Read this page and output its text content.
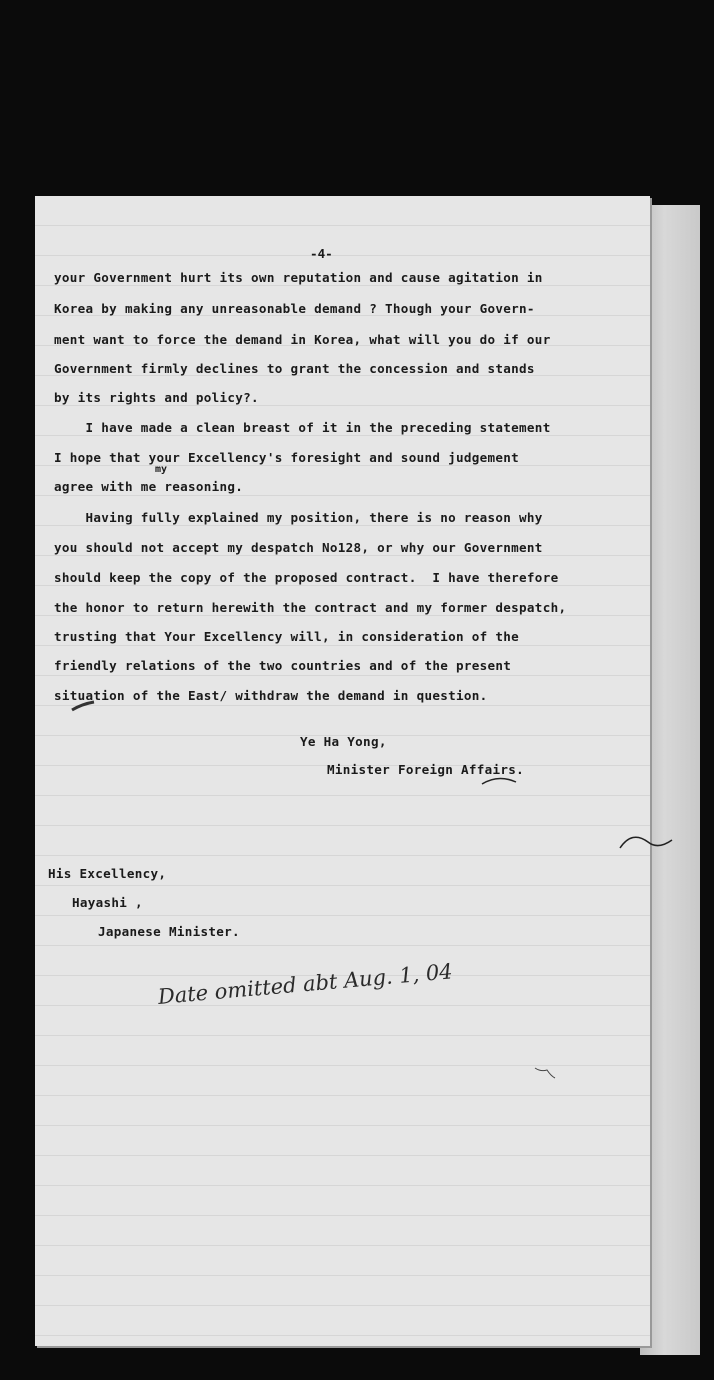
-4-
your Government hurt its own reputation and cause agitation in
Korea by making any unreasonable demand ? Though your Govern-
ment want to force the demand in Korea, what will you do if our
Government firmly declines to grant the concession and stands
by its rights and policy?.
I have made a clean breast of it in the preceding statement
I hope that your Excellency's foresight and sound judgement
my
agree with me reasoning.
Having fully explained my position, there is no reason why
you should not accept my despatch No128, or why our Government
should keep the copy of the proposed contract.  I have therefore
the honor to return herewith the contract and my former despatch,
trusting that Your Excellency will, in consideration of the
friendly relations of the two countries and of the present
situation of the East/ withdraw the demand in question.
Ye Ha Yong,
Minister Foreign Affairs.
His Excellency,
Hayashi ,
Japanese Minister.
Date omitted abt Aug. 1, 04
